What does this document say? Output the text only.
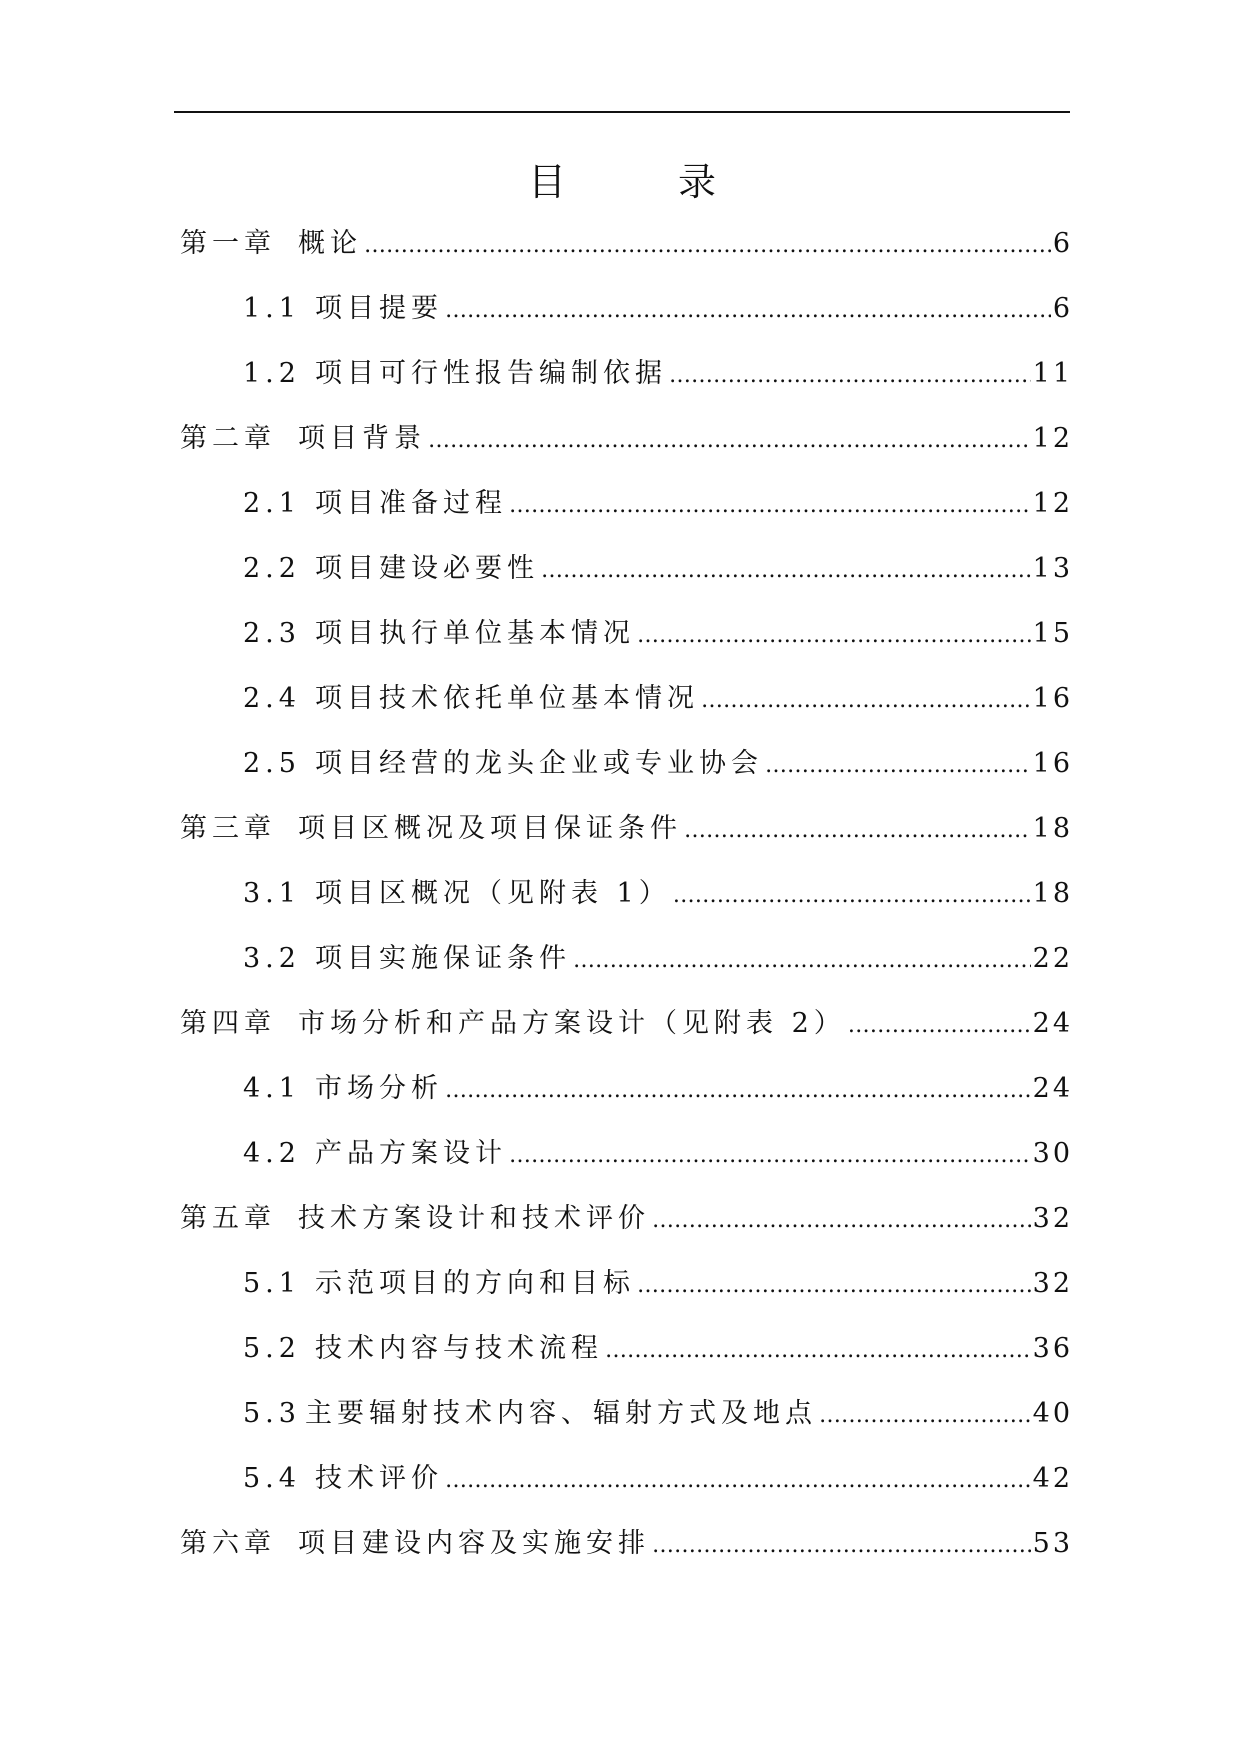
目	录
第一章 概论 ……………………………………………………………………………………………………………………………………………………	6
1.1 项目提要 ……………………………………………………………………………………………………………………………………………………	6
1.2 项目可行性报告编制依据 ……………………………………………………………………………………………………………………………………………………	11
第二章 项目背景 ……………………………………………………………………………………………………………………………………………………	12
2.1 项目准备过程 ……………………………………………………………………………………………………………………………………………………	12
2.2 项目建设必要性 ……………………………………………………………………………………………………………………………………………………	13
2.3 项目执行单位基本情况 ……………………………………………………………………………………………………………………………………………………	15
2.4 项目技术依托单位基本情况 ……………………………………………………………………………………………………………………………………………………	16
2.5 项目经营的龙头企业或专业协会 ……………………………………………………………………………………………………………………………………………………	16
第三章 项目区概况及项目保证条件 ……………………………………………………………………………………………………………………………………………………	18
3.1 项目区概况（见附表 1） ……………………………………………………………………………………………………………………………………………………	18
3.2 项目实施保证条件 ……………………………………………………………………………………………………………………………………………………	22
第四章 市场分析和产品方案设计（见附表 2） ……………………………………………………………………………………………………………………………………………………	24
4.1 市场分析 ……………………………………………………………………………………………………………………………………………………	24
4.2 产品方案设计 ……………………………………………………………………………………………………………………………………………………	30
第五章 技术方案设计和技术评价 ……………………………………………………………………………………………………………………………………………………	32
5.1 示范项目的方向和目标 ……………………………………………………………………………………………………………………………………………………	32
5.2 技术内容与技术流程 ……………………………………………………………………………………………………………………………………………………	36
5.3 主要辐射技术内容、辐射方式及地点 ……………………………………………………………………………………………………………………………………………………	40
5.4 技术评价 ……………………………………………………………………………………………………………………………………………………	42
第六章 项目建设内容及实施安排 ……………………………………………………………………………………………………………………………………………………	53
